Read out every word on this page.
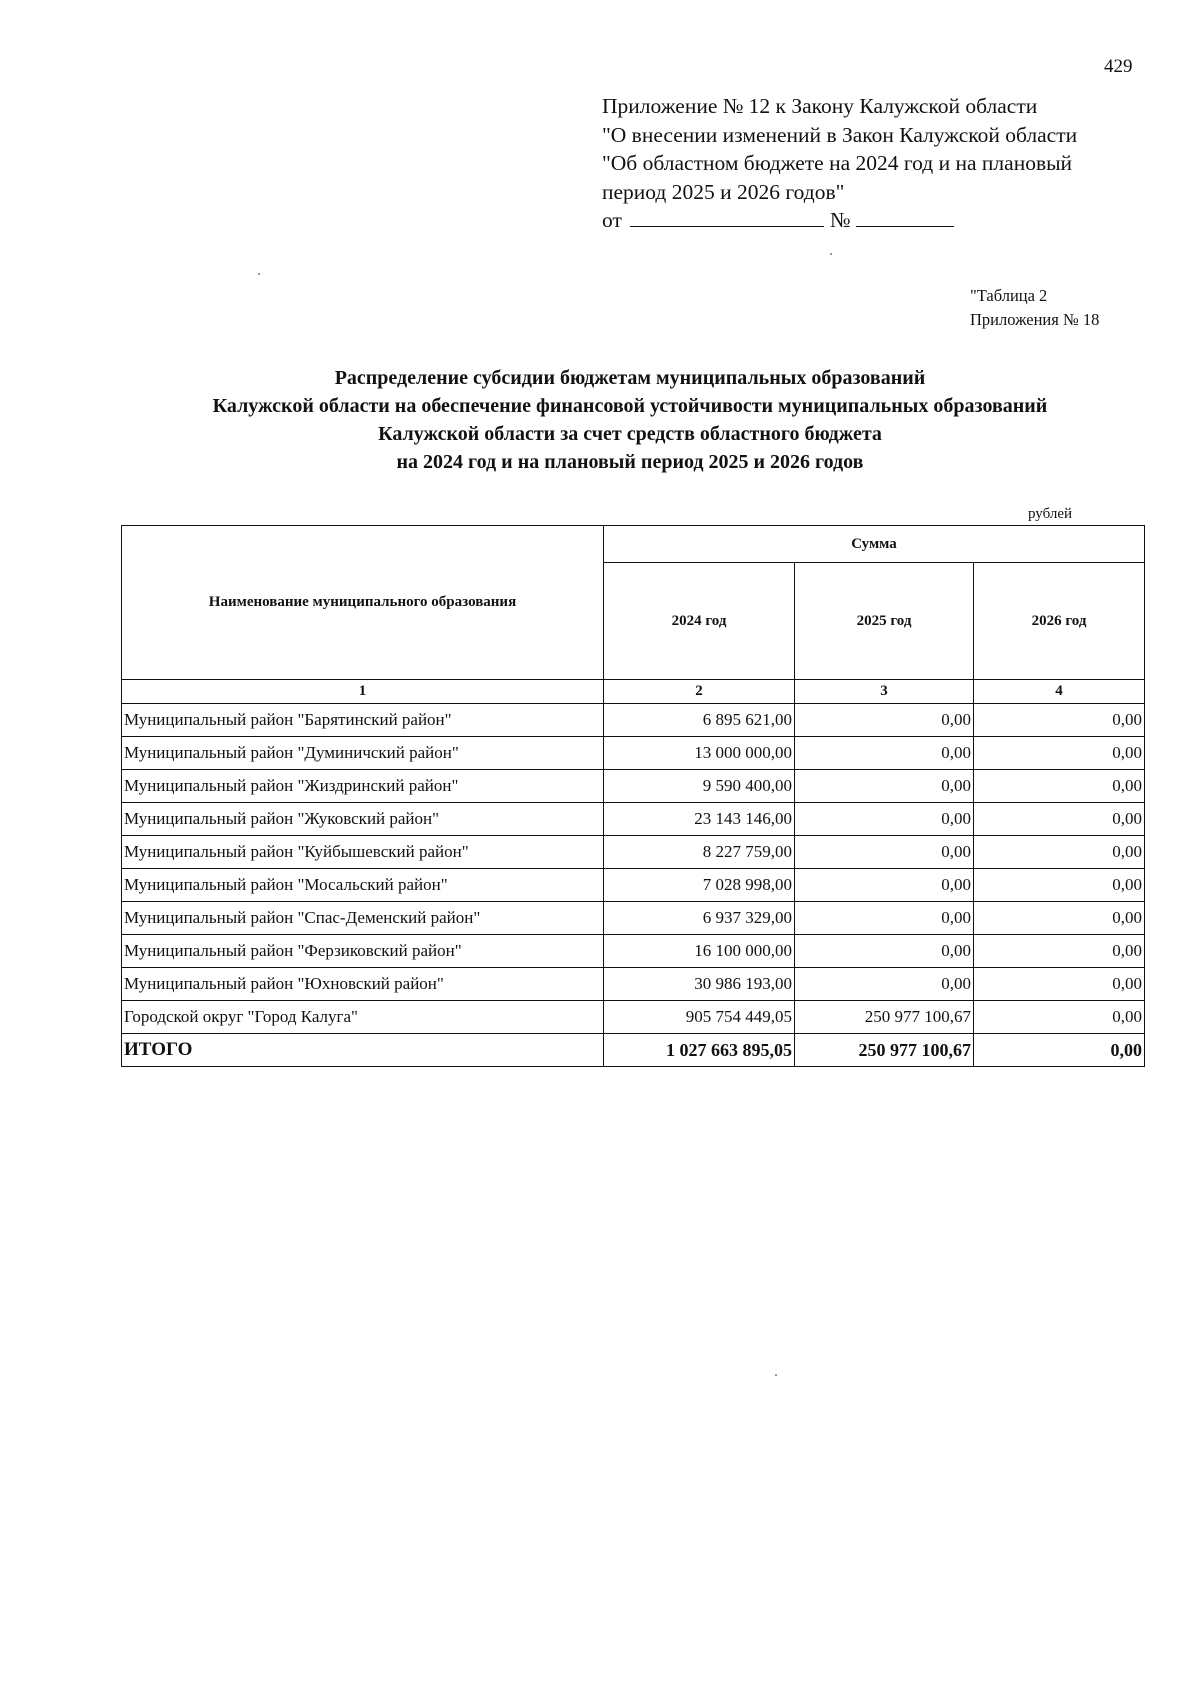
429
Приложение № 12 к Закону Калужской области
"О внесении изменений в Закон Калужской области
"Об областном бюджете на 2024 год и на плановый
период 2025 и 2026 годов"
от	№
"Таблица 2
Приложения № 18
Распределение субсидии бюджетам муниципальных образований
Калужской области на обеспечение финансовой устойчивости муниципальных образований
Калужской области за счет средств областного бюджета
на 2024 год и на плановый период 2025 и 2026 годов
рублей
Наименование муниципального образования	Сумма		
	2024 год	2025 год	2026 год
1	2	3	4
Муниципальный район "Барятинский район"	6 895 621,00	0,00	0,00
Муниципальный район "Думиничский район"	13 000 000,00	0,00	0,00
Муниципальный район "Жиздринский район"	9 590 400,00	0,00	0,00
Муниципальный район "Жуковский район"	23 143 146,00	0,00	0,00
Муниципальный район "Куйбышевский район"	8 227 759,00	0,00	0,00
Муниципальный район "Мосальский район"	7 028 998,00	0,00	0,00
Муниципальный район "Спас-Деменский район"	6 937 329,00	0,00	0,00
Муниципальный район "Ферзиковский район"	16 100 000,00	0,00	0,00
Муниципальный район "Юхновский район"	30 986 193,00	0,00	0,00
Городской округ "Город Калуга"	905 754 449,05	250 977 100,67	0,00
ИТОГО	1 027 663 895,05	250 977 100,67	0,00
